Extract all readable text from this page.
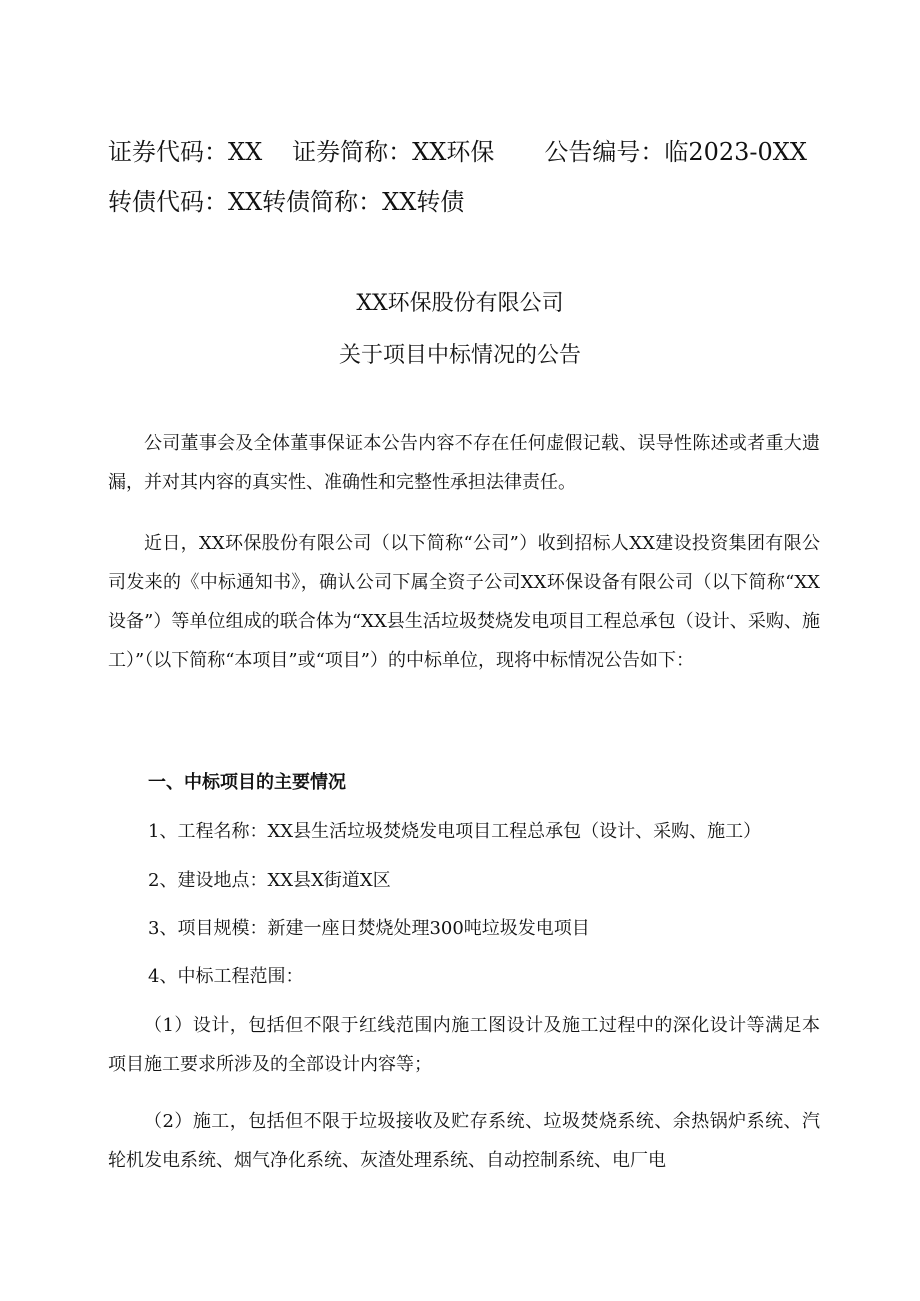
证券代码：XX 证券简称：XX环保 公告编号：临2023-0XX
转债代码：XX转债简称：XX转债
XX环保股份有限公司
关于项目中标情况的公告

公司董事会及全体董事保证本公告内容不存在任何虚假记载、误导性陈述或者重大遗漏，并对其内容的真实性、准确性和完整性承担法律责任。

近日，XX环保股份有限公司（以下简称“公司”）收到招标人XX建设投资集团有限公司发来的《中标通知书》，确认公司下属全资子公司XX环保设备有限公司（以下简称“XX设备”）等单位组成的联合体为“XX县生活垃圾焚烧发电项目工程总承包（设计、采购、施工）”（以下简称“本项目”或“项目”）的中标单位，现将中标情况公告如下：

一、中标项目的主要情况
1、工程名称：XX县生活垃圾焚烧发电项目工程总承包（设计、采购、施工）
2、建设地点：XX县X街道X区
3、项目规模：新建一座日焚烧处理300吨垃圾发电项目
4、中标工程范围：

（1）设计，包括但不限于红线范围内施工图设计及施工过程中的深化设计等满足本项目施工要求所涉及的全部设计内容等；

（2）施工，包括但不限于垃圾接收及贮存系统、垃圾焚烧系统、余热锅炉系统、汽轮机发电系统、烟气净化系统、灰渣处理系统、自动控制系统、电厂电
